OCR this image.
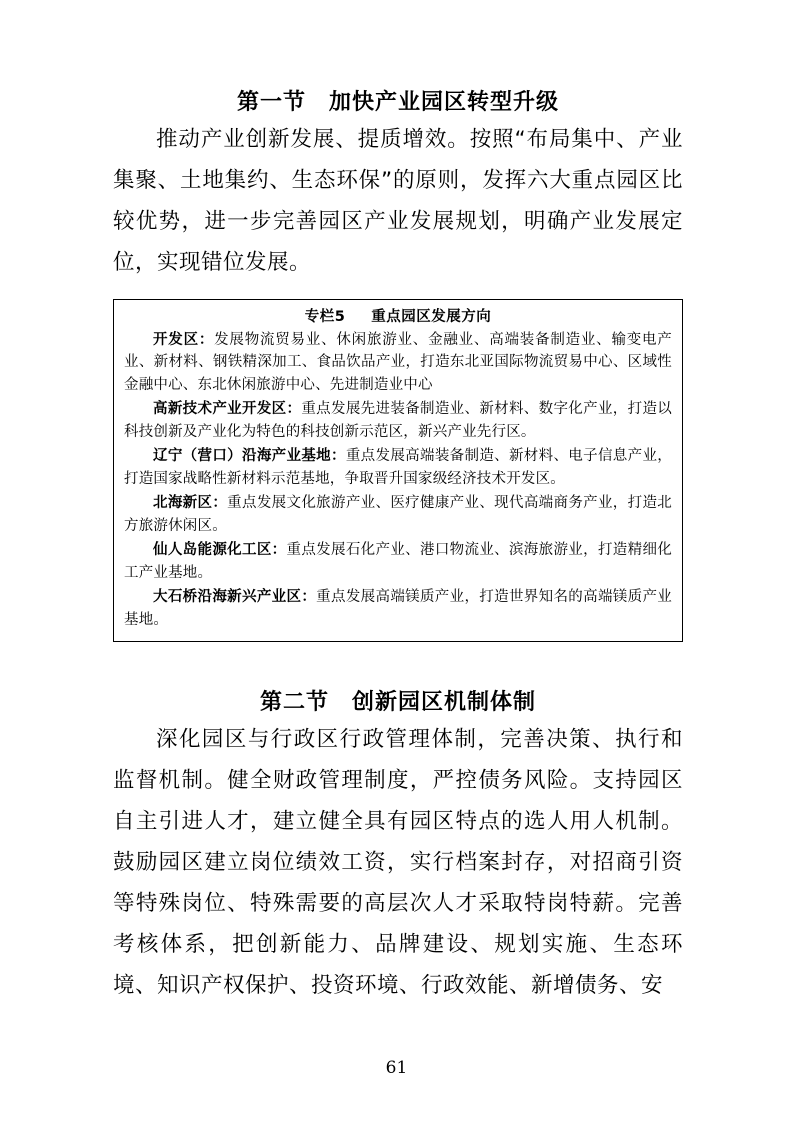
第一节　加快产业园区转型升级

推动产业创新发展、提质增效。按照“布局集中、产业集聚、土地集约、生态环保”的原则，发挥六大重点园区比较优势，进一步完善园区产业发展规划，明确产业发展定位，实现错位发展。

专栏5 重点园区发展方向

开发区：发展物流贸易业、休闲旅游业、金融业、高端装备制造业、输变电产业、新材料、钢铁精深加工、食品饮品产业，打造东北亚国际物流贸易中心、区域性金融中心、东北休闲旅游中心、先进制造业中心

高新技术产业开发区：重点发展先进装备制造业、新材料、数字化产业，打造以科技创新及产业化为特色的科技创新示范区，新兴产业先行区。

辽宁（营口）沿海产业基地：重点发展高端装备制造、新材料、电子信息产业，打造国家战略性新材料示范基地，争取晋升国家级经济技术开发区。

北海新区：重点发展文化旅游产业、医疗健康产业、现代高端商务产业，打造北方旅游休闲区。

仙人岛能源化工区：重点发展石化产业、港口物流业、滨海旅游业，打造精细化工产业基地。

大石桥沿海新兴产业区：重点发展高端镁质产业，打造世界知名的高端镁质产业基地。

第二节　创新园区机制体制

深化园区与行政区行政管理体制，完善决策、执行和监督机制。健全财政管理制度，严控债务风险。支持园区自主引进人才，建立健全具有园区特点的选人用人机制。鼓励园区建立岗位绩效工资，实行档案封存，对招商引资等特殊岗位、特殊需要的高层次人才采取特岗特薪。完善考核体系，把创新能力、品牌建设、规划实施、生态环境、知识产权保护、投资环境、行政效能、新增债务、安

61
